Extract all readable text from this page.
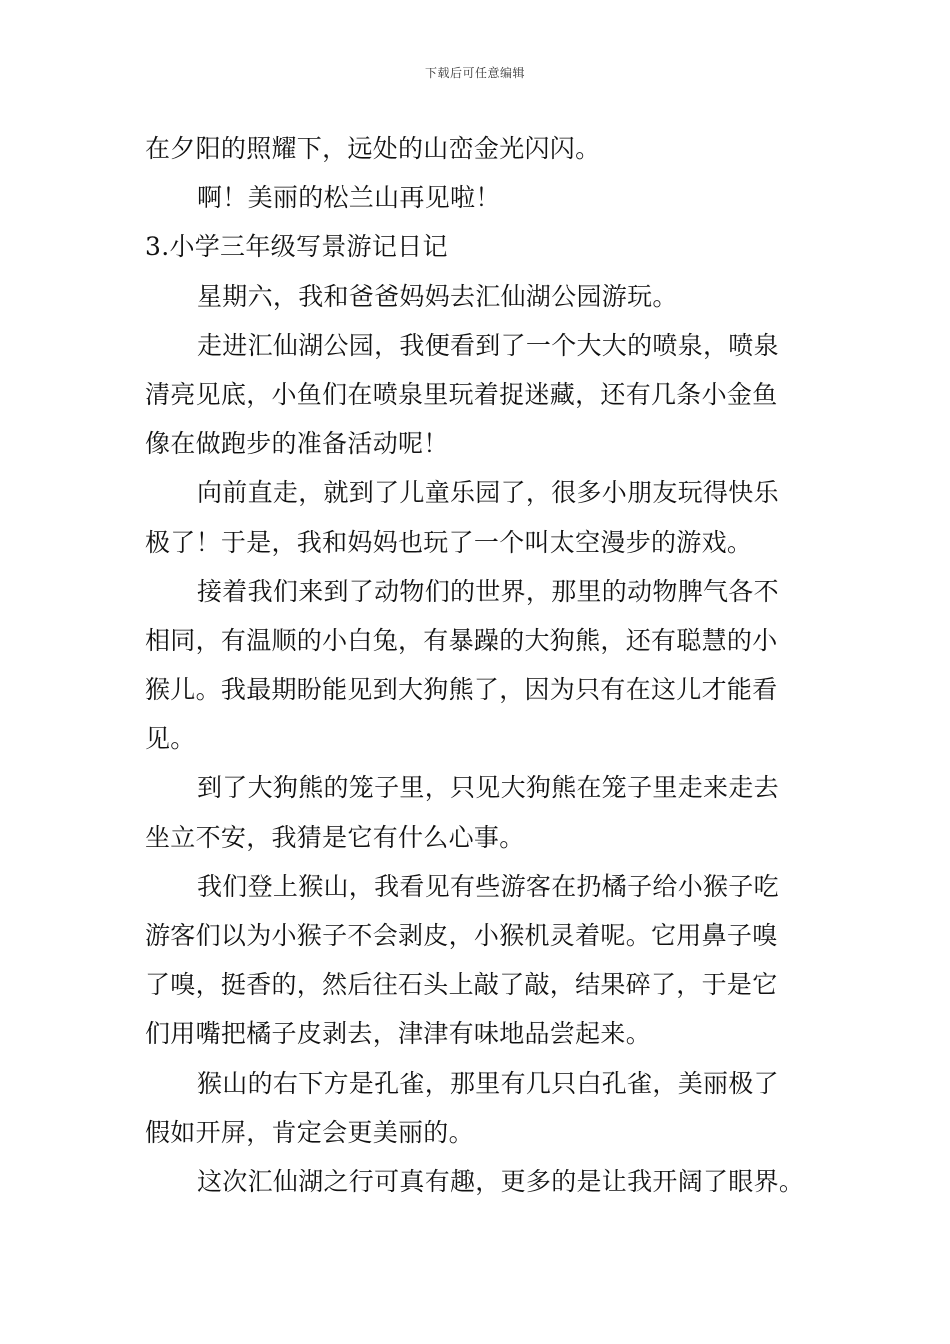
下载后可任意编辑
在夕阳的照耀下，远处的山峦金光闪闪。
啊！美丽的松兰山再见啦！
3.小学三年级写景游记日记
星期六，我和爸爸妈妈去汇仙湖公园游玩。
走进汇仙湖公园，我便看到了一个大大的喷泉，喷泉
清亮见底，小鱼们在喷泉里玩着捉迷藏，还有几条小金鱼
像在做跑步的准备活动呢！
向前直走，就到了儿童乐园了，很多小朋友玩得快乐
极了！于是，我和妈妈也玩了一个叫太空漫步的游戏。
接着我们来到了动物们的世界，那里的动物脾气各不
相同，有温顺的小白兔，有暴躁的大狗熊，还有聪慧的小
猴儿。我最期盼能见到大狗熊了，因为只有在这儿才能看
见。
到了大狗熊的笼子里，只见大狗熊在笼子里走来走去
坐立不安，我猜是它有什么心事。
我们登上猴山，我看见有些游客在扔橘子给小猴子吃
游客们以为小猴子不会剥皮，小猴机灵着呢。它用鼻子嗅
了嗅，挺香的，然后往石头上敲了敲，结果碎了，于是它
们用嘴把橘子皮剥去，津津有味地品尝起来。
猴山的右下方是孔雀，那里有几只白孔雀，美丽极了
假如开屏，肯定会更美丽的。
这次汇仙湖之行可真有趣，更多的是让我开阔了眼界。
